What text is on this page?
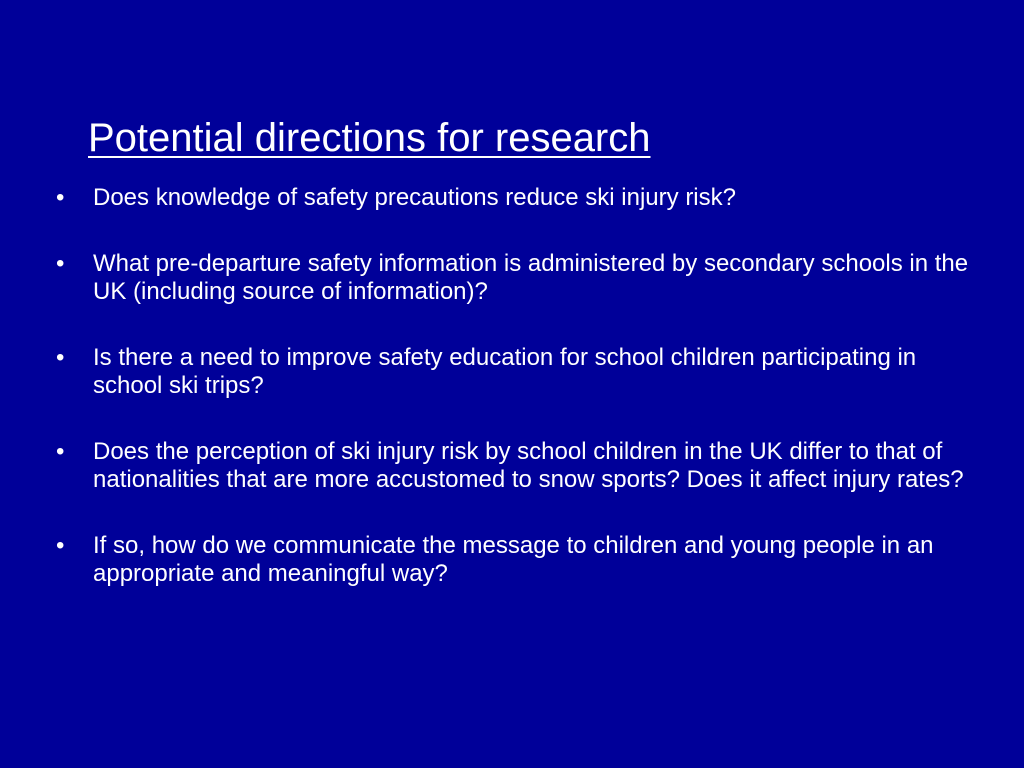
Potential directions for research
•	Does knowledge of safety precautions reduce ski injury risk?
•	What pre-departure safety information is administered by secondary schools in the UK (including source of information)?
•	Is there a need to improve safety education for school children participating in school ski trips?
•	Does the perception of ski injury risk by school children in the UK differ to that of nationalities that are more accustomed to snow sports? Does it affect injury rates?
•	If so, how do we communicate the message to children and young people in an appropriate and meaningful way?
